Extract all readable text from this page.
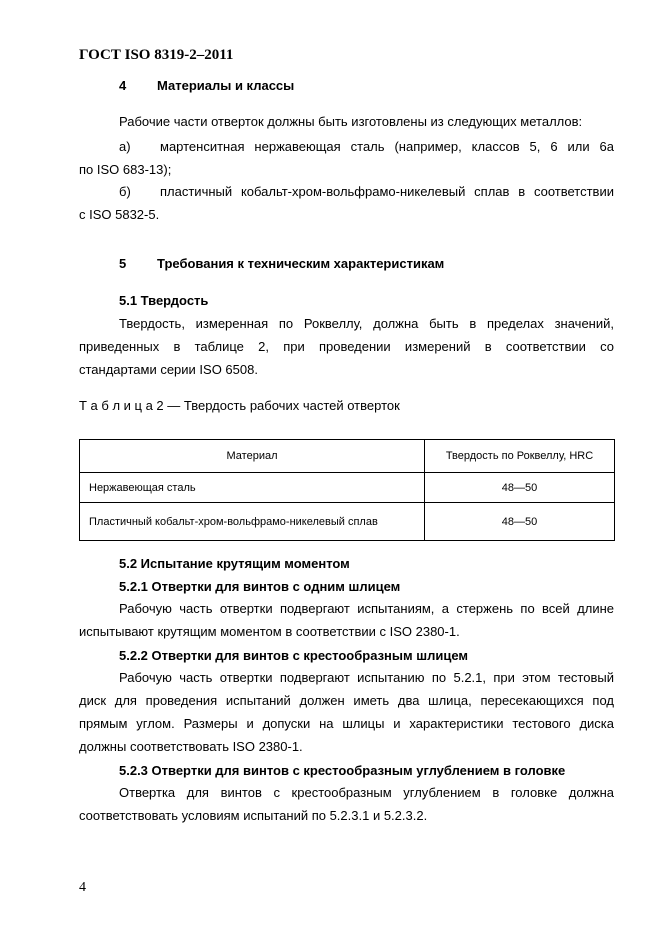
ГОСТ ISO 8319-2–2011
4 Материалы и классы
Рабочие части отверток должны быть изготовлены из следующих металлов:
а) мартенситная нержавеющая сталь (например, классов 5, 6 или 6а
по ISO 683-13);
б) пластичный кобальт-хром-вольфрамо-никелевый сплав в соответствии
с ISO 5832-5.
5 Требования к техническим характеристикам
5.1 Твердость
Твердость, измеренная по Роквеллу, должна быть в пределах значений,
приведенных в таблице 2, при проведении измерений в соответствии со
стандартами серии ISO 6508.
Т а б л и ц а 2 — Твердость рабочих частей отверток
Материал	Твердость по Роквеллу, HRC
Нержавеющая сталь	48—50
Пластичный кобальт-хром-вольфрамо-никелевый сплав	48—50
5.2 Испытание крутящим моментом
5.2.1 Отвертки для винтов с одним шлицем
Рабочую часть отвертки подвергают испытаниям, а стержень по всей длине
испытывают крутящим моментом в соответствии с ISO 2380-1.
5.2.2 Отвертки для винтов с крестообразным шлицем
Рабочую часть отвертки подвергают испытанию по 5.2.1, при этом тестовый
диск для проведения испытаний должен иметь два шлица, пересекающихся под
прямым углом. Размеры и допуски на шлицы и характеристики тестового диска
должны соответствовать ISO 2380-1.
5.2.3 Отвертки для винтов с крестообразным углублением в головке
Отвертка для винтов с крестообразным углублением в головке должна
соответствовать условиям испытаний по 5.2.3.1 и 5.2.3.2.
4
